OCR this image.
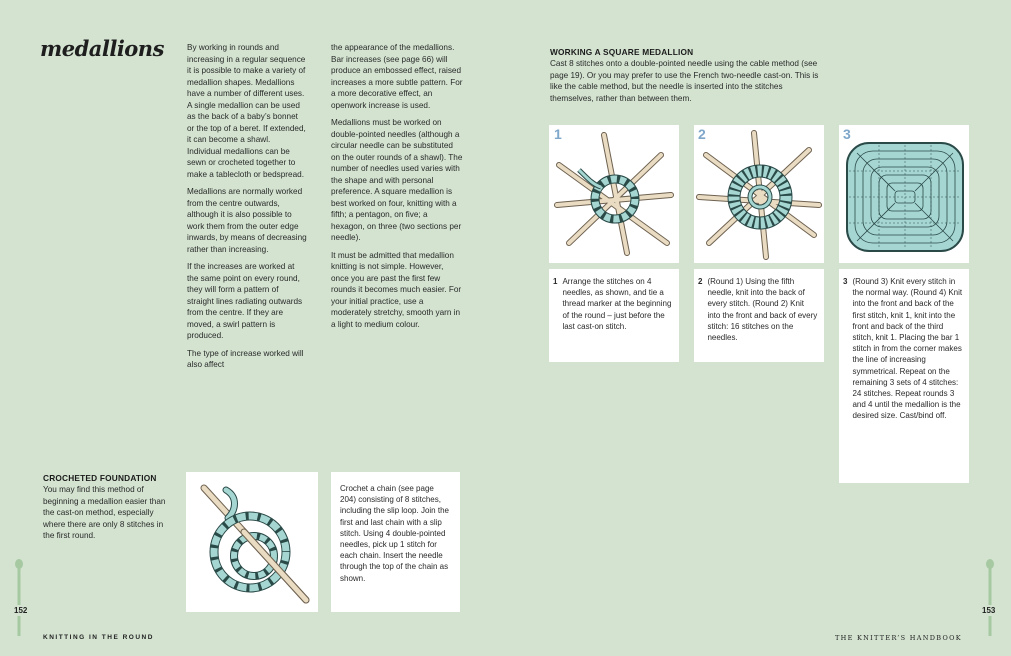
medallions	By working in rounds and increasing in a regular sequence it is possible to make a variety of medallion shapes. Medallions have a number of different uses. A single medallion can be used as the back of a baby’s bonnet or the top of a beret. If extended, it can become a shawl. Individual medallions can be sewn or crocheted together to make a tablecloth or bedspread.

Medallions are normally worked from the centre outwards, although it is also possible to work them from the outer edge inwards, by means of decreasing rather than increasing.

If the increases are worked at the same point on every round, they will form a pattern of straight lines radiating outwards from the centre. If they are moved, a swirl pattern is produced.

The type of increase worked will also affect

the appearance of the medallions. Bar increases (see page 66) will produce an embossed effect, raised increases a more subtle pattern. For a more decorative effect, an openwork increase is used.

Medallions must be worked on double-pointed needles (although a circular needle can be substituted on the outer rounds of a shawl). The number of needles used varies with the shape and with personal preference. A square medallion is best worked on four, knitting with a fifth; a pentagon, on five; a hexagon, on three (two sections per needle).

It must be admitted that medallion knitting is not simple. However, once you are past the first few rounds it becomes much easier. For your initial practice, use a moderately stretchy, smooth yarn in a light to medium colour.

CROCHETED FOUNDATION
You may find this method of beginning a medallion easier than the cast-on method, especially where there are only 8 stitches in the first round.
Crochet a chain (see page 204) consisting of 8 stitches, including the slip loop. Join the first and last chain with a slip stitch. Using 4 double-pointed needles, pick up 1 stitch for each chain. Insert the needle through the top of the chain as shown.
152
KNITTING IN THE ROUND
WORKING A SQUARE MEDALLION
Cast 8 stitches onto a double-pointed needle using the cable method (see page 19). Or you may prefer to use the French two-needle cast-on. This is like the cable method, but the needle is inserted into the stitches themselves, rather than between them.
1	2	3
1 Arrange the stitches on 4 needles, as shown, and tie a thread marker at the beginning of the round – just before the last cast-on stitch.
2 (Round 1) Using the fifth needle, knit into the back of every stitch. (Round 2) Knit into the front and back of every stitch: 16 stitches on the needles.
3 (Round 3) Knit every stitch in the normal way. (Round 4) Knit into the front and back of the first stitch, knit 1, knit into the front and back of the third stitch, knit 1. Placing the bar 1 stitch in from the corner makes the line of increasing symmetrical. Repeat on the remaining 3 sets of 4 stitches: 24 stitches. Repeat rounds 3 and 4 until the medallion is the desired size. Cast/bind off.
153
THE KNITTER’S HANDBOOK
